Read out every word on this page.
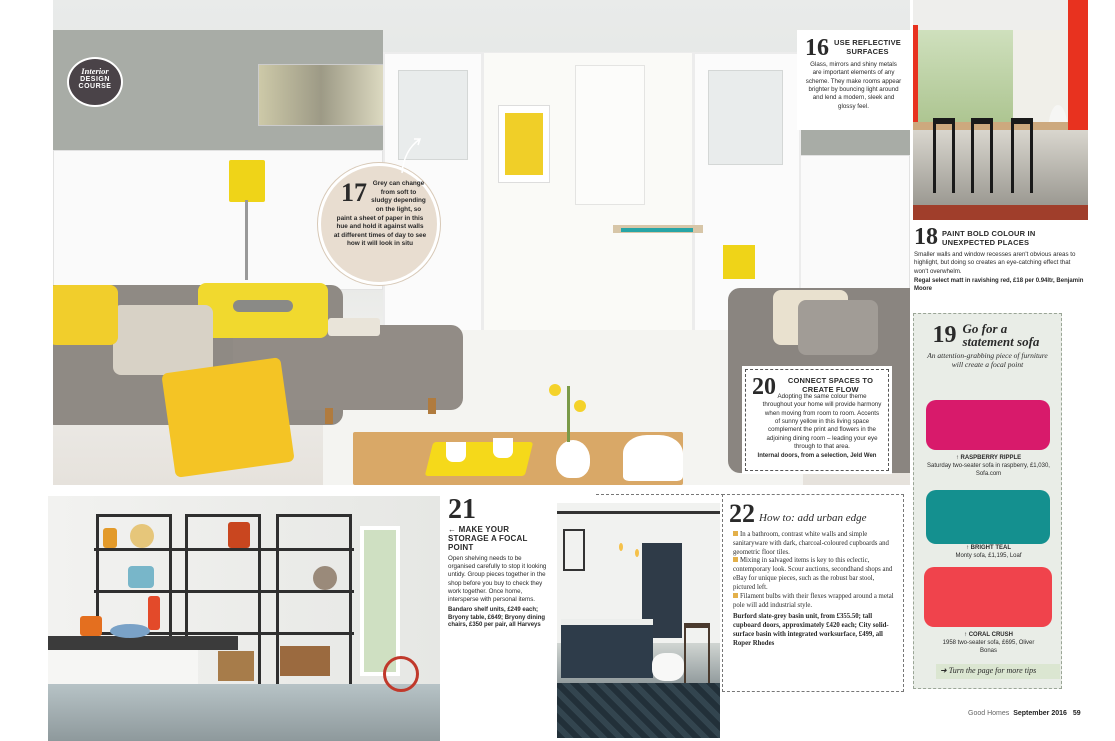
Interior
DESIGN
COURSE
17 Grey can change from soft to sludgy depending on the light, so paint a sheet of paper in this hue and hold it against walls at different times of day to see how it will look in situ
16 USE REFLECTIVE SURFACES
Glass, mirrors and shiny metals are important elements of any scheme. They make rooms appear brighter by bouncing light around and lend a modern, sleek and glossy feel.
18 PAINT BOLD COLOUR IN UNEXPECTED PLACES
Smaller walls and window recesses aren't obvious areas to highlight, but doing so creates an eye-catching effect that won't overwhelm.
Regal select matt in ravishing red, £18 per 0.94ltr, Benjamin Moore
19 Go for a statement sofa
An attention-grabbing piece of furniture will create a focal point
↑ RASPBERRY RIPPLE
Saturday two-seater sofa in raspberry, £1,030, Sofa.com
↑ BRIGHT TEAL
Monty sofa, £1,195, Loaf
↑ CORAL CRUSH
1958 two-seater sofa, £695, Oliver Bonas
➜ Turn the page for more tips
20	CONNECT SPACES TO CREATE FLOW
Adopting the same colour theme throughout your home will provide harmony when moving from room to room. Accents of sunny yellow in this living space complement the print and flowers in the adjoining dining room – leading your eye through to that area.
Internal doors, from a selection, Jeld Wen
21
← MAKE YOUR STORAGE A FOCAL POINT
Open shelving needs to be organised carefully to stop it looking untidy. Group pieces together in the shop before you buy to check they work together. Once home, intersperse with personal items.
Bandaro shelf units, £249 each; Bryony table, £649; Bryony dining chairs, £350 per pair, all Harveys
22 How to: add urban edge
In a bathroom, contrast white walls and simple sanitaryware with dark, charcoal-coloured cupboards and geometric floor tiles.
Mixing in salvaged items is key to this eclectic, contemporary look. Scour auctions, secondhand shops and eBay for unique pieces, such as the robust bar stool, pictured left.
Filament bulbs with their flexes wrapped around a metal pole will add industrial style.
Burford slate-grey basin unit, from £355.50; tall cupboard doors, approximately £420 each; City solid-surface basin with integrated worksurface, £499, all Roper Rhodes
Good Homes September 2016 59
